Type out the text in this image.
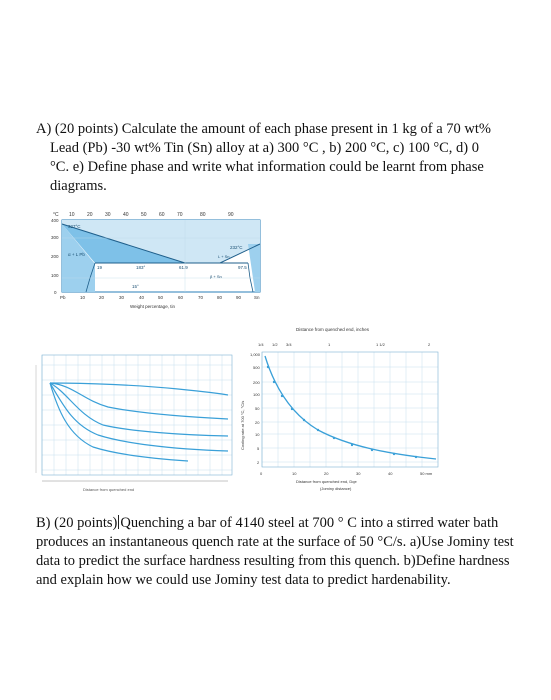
A) (20 points) Calculate the amount of each phase present in 1 kg of a 70 wt%
Lead (Pb) -30 wt% Tin (Sn) alloy at a) 300 °C , b) 200 °C, c) 100 °C, d) 0
°C. e) Define phase and write what information could be learnt from phase
diagrams.
°C 10 20 30 40 50 60 70	80	90
400
300
200
100
0
327°C
232°C
α + L Pb
183°
19	61.9	97.5
L + Sn
β + Sn
15°
Pb	10	20	30	40	50	60	70	80	90	Sn
Weight percentage, tin
Distance from quenched end
Distance from quenched end, inches
1/4 1/2 3/4	1	1 1/2	2
Cooling rate at 700 °C, °C/s
1,000
500
200
100
50
20
10
5
2
0	10	20	30	40	50 mm
Distance from quenched end, Dqe
(Jominy distance)
B) (20 points) Quenching a bar of 4140 steel at 700 ° C into a stirred water bath
produces an instantaneous quench rate at the surface of 50 °C/s. a)Use Jominy test
data to predict the surface hardness resulting from this quench. b)Define hardness
and explain how we could use Jominy test data to predict hardenability.
